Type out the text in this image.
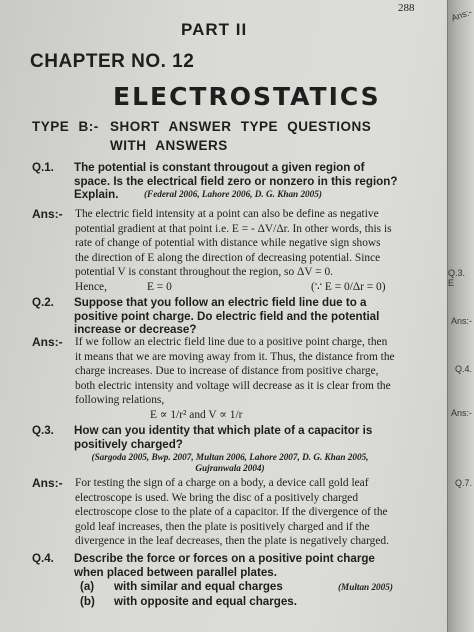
Ans:-
Q.3. E
Ans:-
Q.4.
Ans:-
Q.7.
288
PART II
CHAPTER NO. 12
ELECTROSTATICS
TYPE B:- SHORT ANSWER TYPE QUESTIONS
WITH ANSWERS
Q.1.	The potential is constant througout a given region of
space. Is the electrical field zero or nonzero in this region?
Explain.	(Federal 2006, Lahore 2006, D. G. Khan 2005)
Ans:- The electric field intensity at a point can also be define as negative
potential gradient at that point i.e. E = - ΔV/Δr. In other words, this is
rate of change of potential with distance while negative sign shows
the direction of E along the direction of decreasing potential. Since
potential V is constant throughout the region, so ΔV = 0.
Hence,	E = 0	(∵ E = 0/Δr = 0)
Q.2.	Suppose that you follow an electric field line due to a
positive point charge. Do electric field and the potential
increase or decrease?
Ans:- If we follow an electric field line due to a positive point charge, then
it means that we are moving away from it. Thus, the distance from the
charge increases. Due to increase of distance from positive charge,
both electric intensity and voltage will decrease as it is clear from the
following relations,
E ∝ 1/r² and V ∝ 1/r
Q.3.	How can you identity that which plate of a capacitor is
positively charged?
(Sargoda 2005, Bwp. 2007, Multan 2006, Lahore 2007, D. G. Khan 2005,
Gujranwala 2004)
Ans:- For testing the sign of a charge on a body, a device call gold leaf
electroscope is used. We bring the disc of a positively charged
electroscope close to the plate of a capacitor. If the divergence of the
gold leaf increases, then the plate is positively charged and if the
divergence in the leaf decreases, then the plate is negatively charged.
Q.4.	Describe the force or forces on a positive point charge
when placed between parallel plates.
(a) with similar and equal charges	(Multan 2005)
(b) with opposite and equal charges.
